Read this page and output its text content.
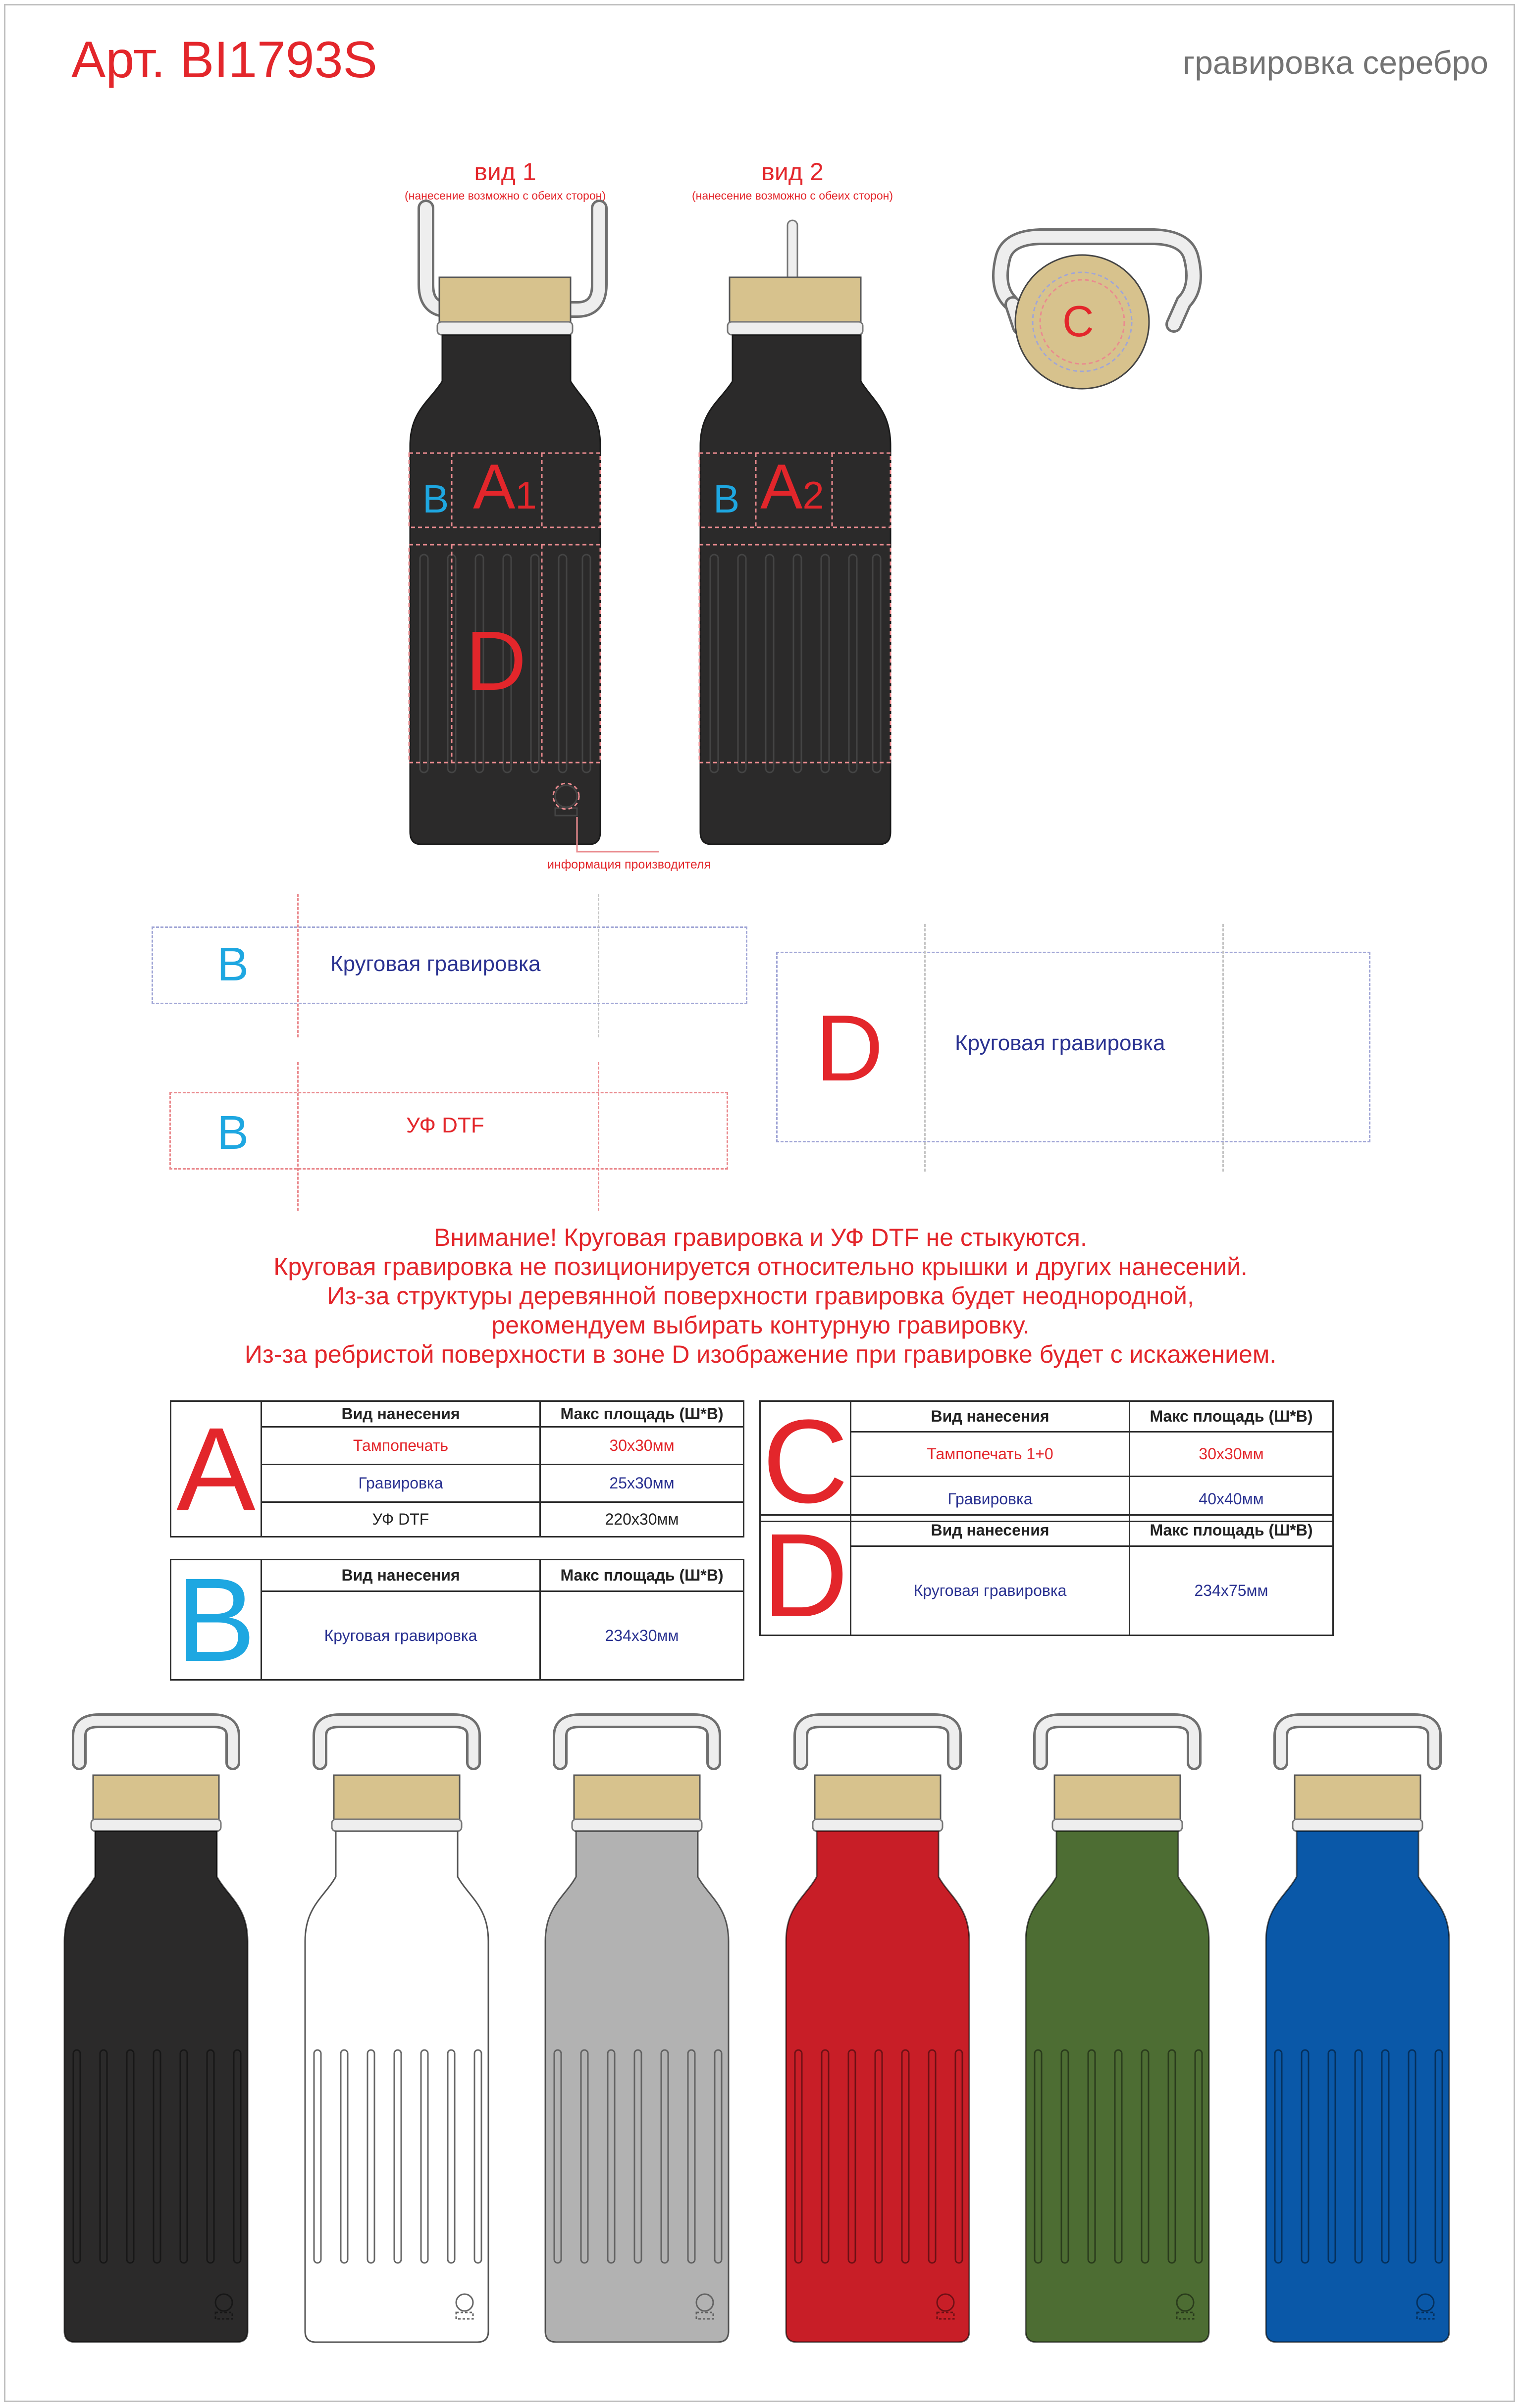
Арт. BI1793S	гравировка серебро
вид 1
(нанесение возможно с обеих сторон)
вид 2
(нанесение возможно с обеих сторон)
B A1
D
B A2
C
информация производителя
B	Круговая гравировка
B	УФ DTF
D	Круговая гравировка
Внимание! Круговая гравировка и УФ DTF не стыкуются.
Круговая гравировка не позиционируется относительно крышки и других нанесений.
Из-за структуры деревянной поверхности гравировка будет неоднородной,
рекомендуем выбирать контурную гравировку.
Из-за ребристой поверхности в зоне D изображение при гравировке будет с искажением.
A	Вид нанесения	Макс площадь (Ш*В)
	Тампопечать	30х30мм
	Гравировка	25х30мм
	УФ DTF	220х30мм
B	Вид нанесения	Макс площадь (Ш*В)
	Круговая гравировка	234х30мм
C	Вид нанесения	Макс площадь (Ш*В)
	Тампопечать 1+0	30х30мм
	Гравировка	40х40мм
D	Вид нанесения	Макс площадь (Ш*В)
	Круговая гравировка	234х75мм
